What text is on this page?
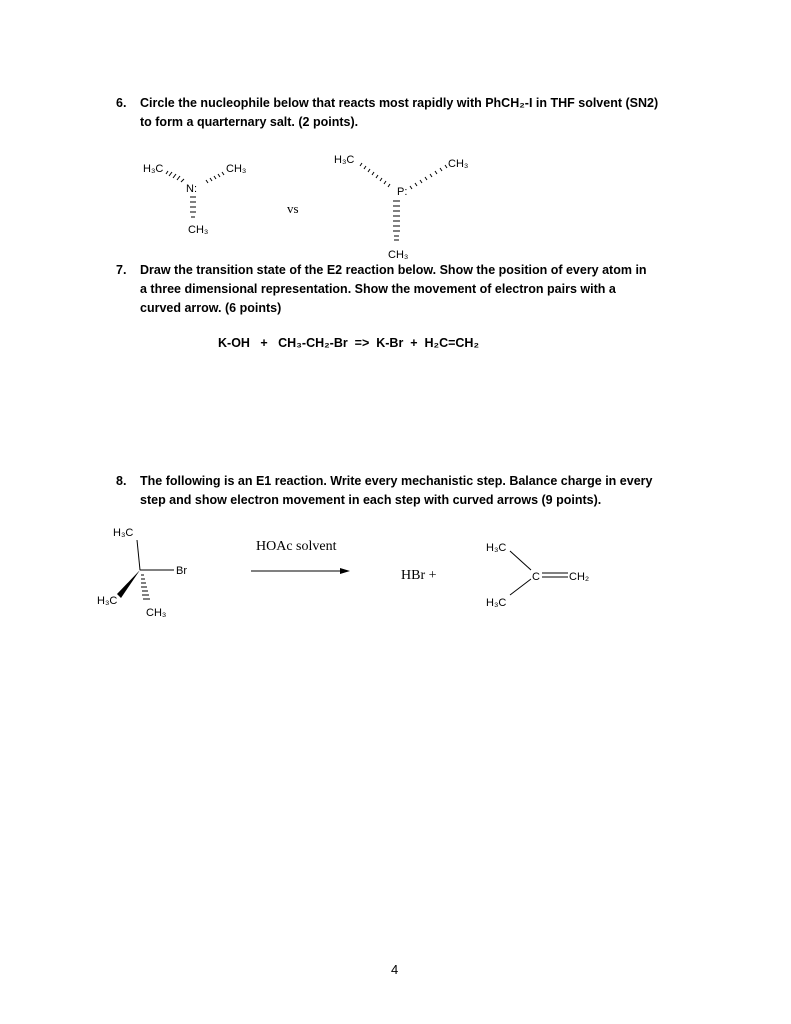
6. Circle the nucleophile below that reacts most rapidly with PhCH₂-I in THF solvent (SN2)
to form a quarternary salt. (2 points).
H₃C	CH₃
N:
CH₃
H₃C	CH₃
P:
CH₃
vs
7. Draw the transition state of the E2 reaction below. Show the position of every atom in
a three dimensional representation. Show the movement of electron pairs with a
curved arrow. (6 points)
K-OH   +   CH₃-CH₂-Br  =>  K-Br  +  H₂C=CH₂
8. The following is an E1 reaction. Write every mechanistic step. Balance charge in every
step and show electron movement in each step with curved arrows (9 points).
H₃C
H₃C
CH₃
Br
HOAc solvent
HBr +
H₃C
H₃C
C	CH₂
4
